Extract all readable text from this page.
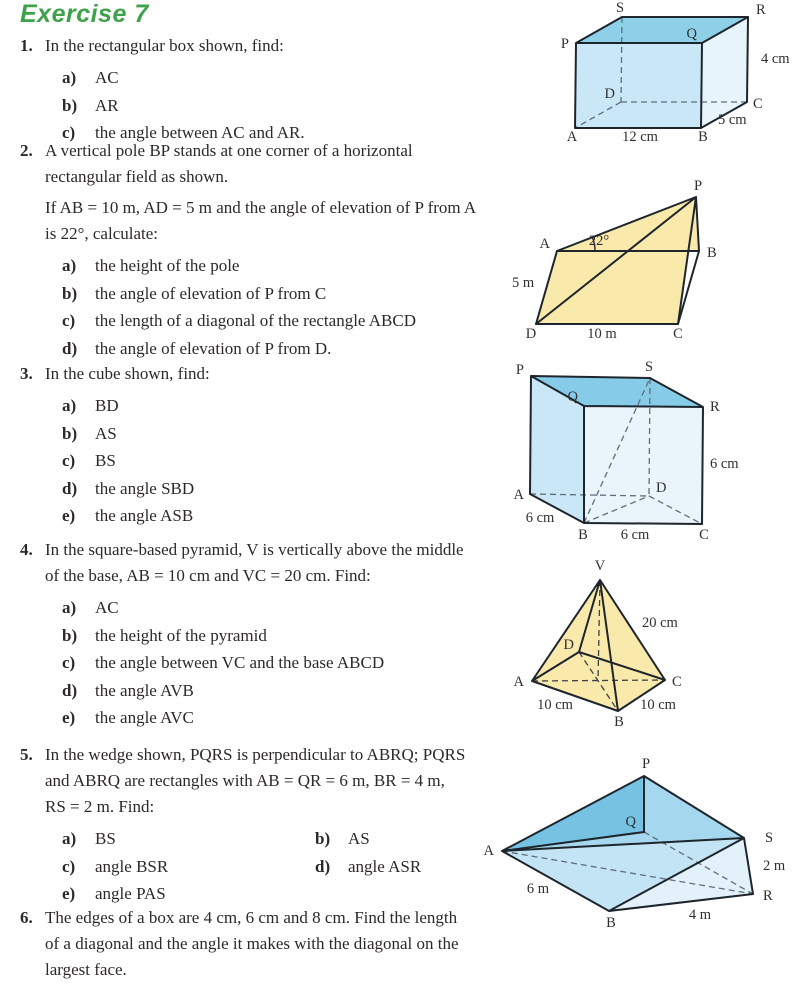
Exercise 7
1. In the rectangular box shown, find:
a) AC
b) AR
c) the angle between AC and AR.
2. A vertical pole BP stands at one corner of a horizontal
rectangular field as shown.
If AB = 10 m, AD = 5 m and the angle of elevation of P from A
is 22°, calculate:
a) the height of the pole
b) the angle of elevation of P from C
c) the length of a diagonal of the rectangle ABCD
d) the angle of elevation of P from D.
3. In the cube shown, find:
a) BD
b) AS
c) BS
d) the angle SBD
e) the angle ASB
4. In the square-based pyramid, V is vertically above the middle
of the base, AB = 10 cm and VC = 20 cm. Find:
a) AC
b) the height of the pyramid
c) the angle between VC and the base ABCD
d) the angle AVB
e) the angle AVC
5. In the wedge shown, PQRS is perpendicular to ABRQ; PQRS
and ABRQ are rectangles with AB = QR = 6 m, BR = 4 m,
RS = 2 m. Find:
a) BS	b) AS
c) angle BSR	d) angle ASR
e) angle PAS
6. The edges of a box are 4 cm, 6 cm and 8 cm. Find the length
of a diagonal and the angle it makes with the diagonal on the
largest face.
S	R
P
Q
4 cm
C
D
5 cm
A	12 cm	B
P
A	22°
B
5 m
D	10 m	C
P	S
Q
R
A	D
6 cm
6 cm
B 6 cm	C
V
D
20 cm
A	C
10 cm	10 cm
B
P
Q
A
S
2 m
R
6 m
B	4 m
